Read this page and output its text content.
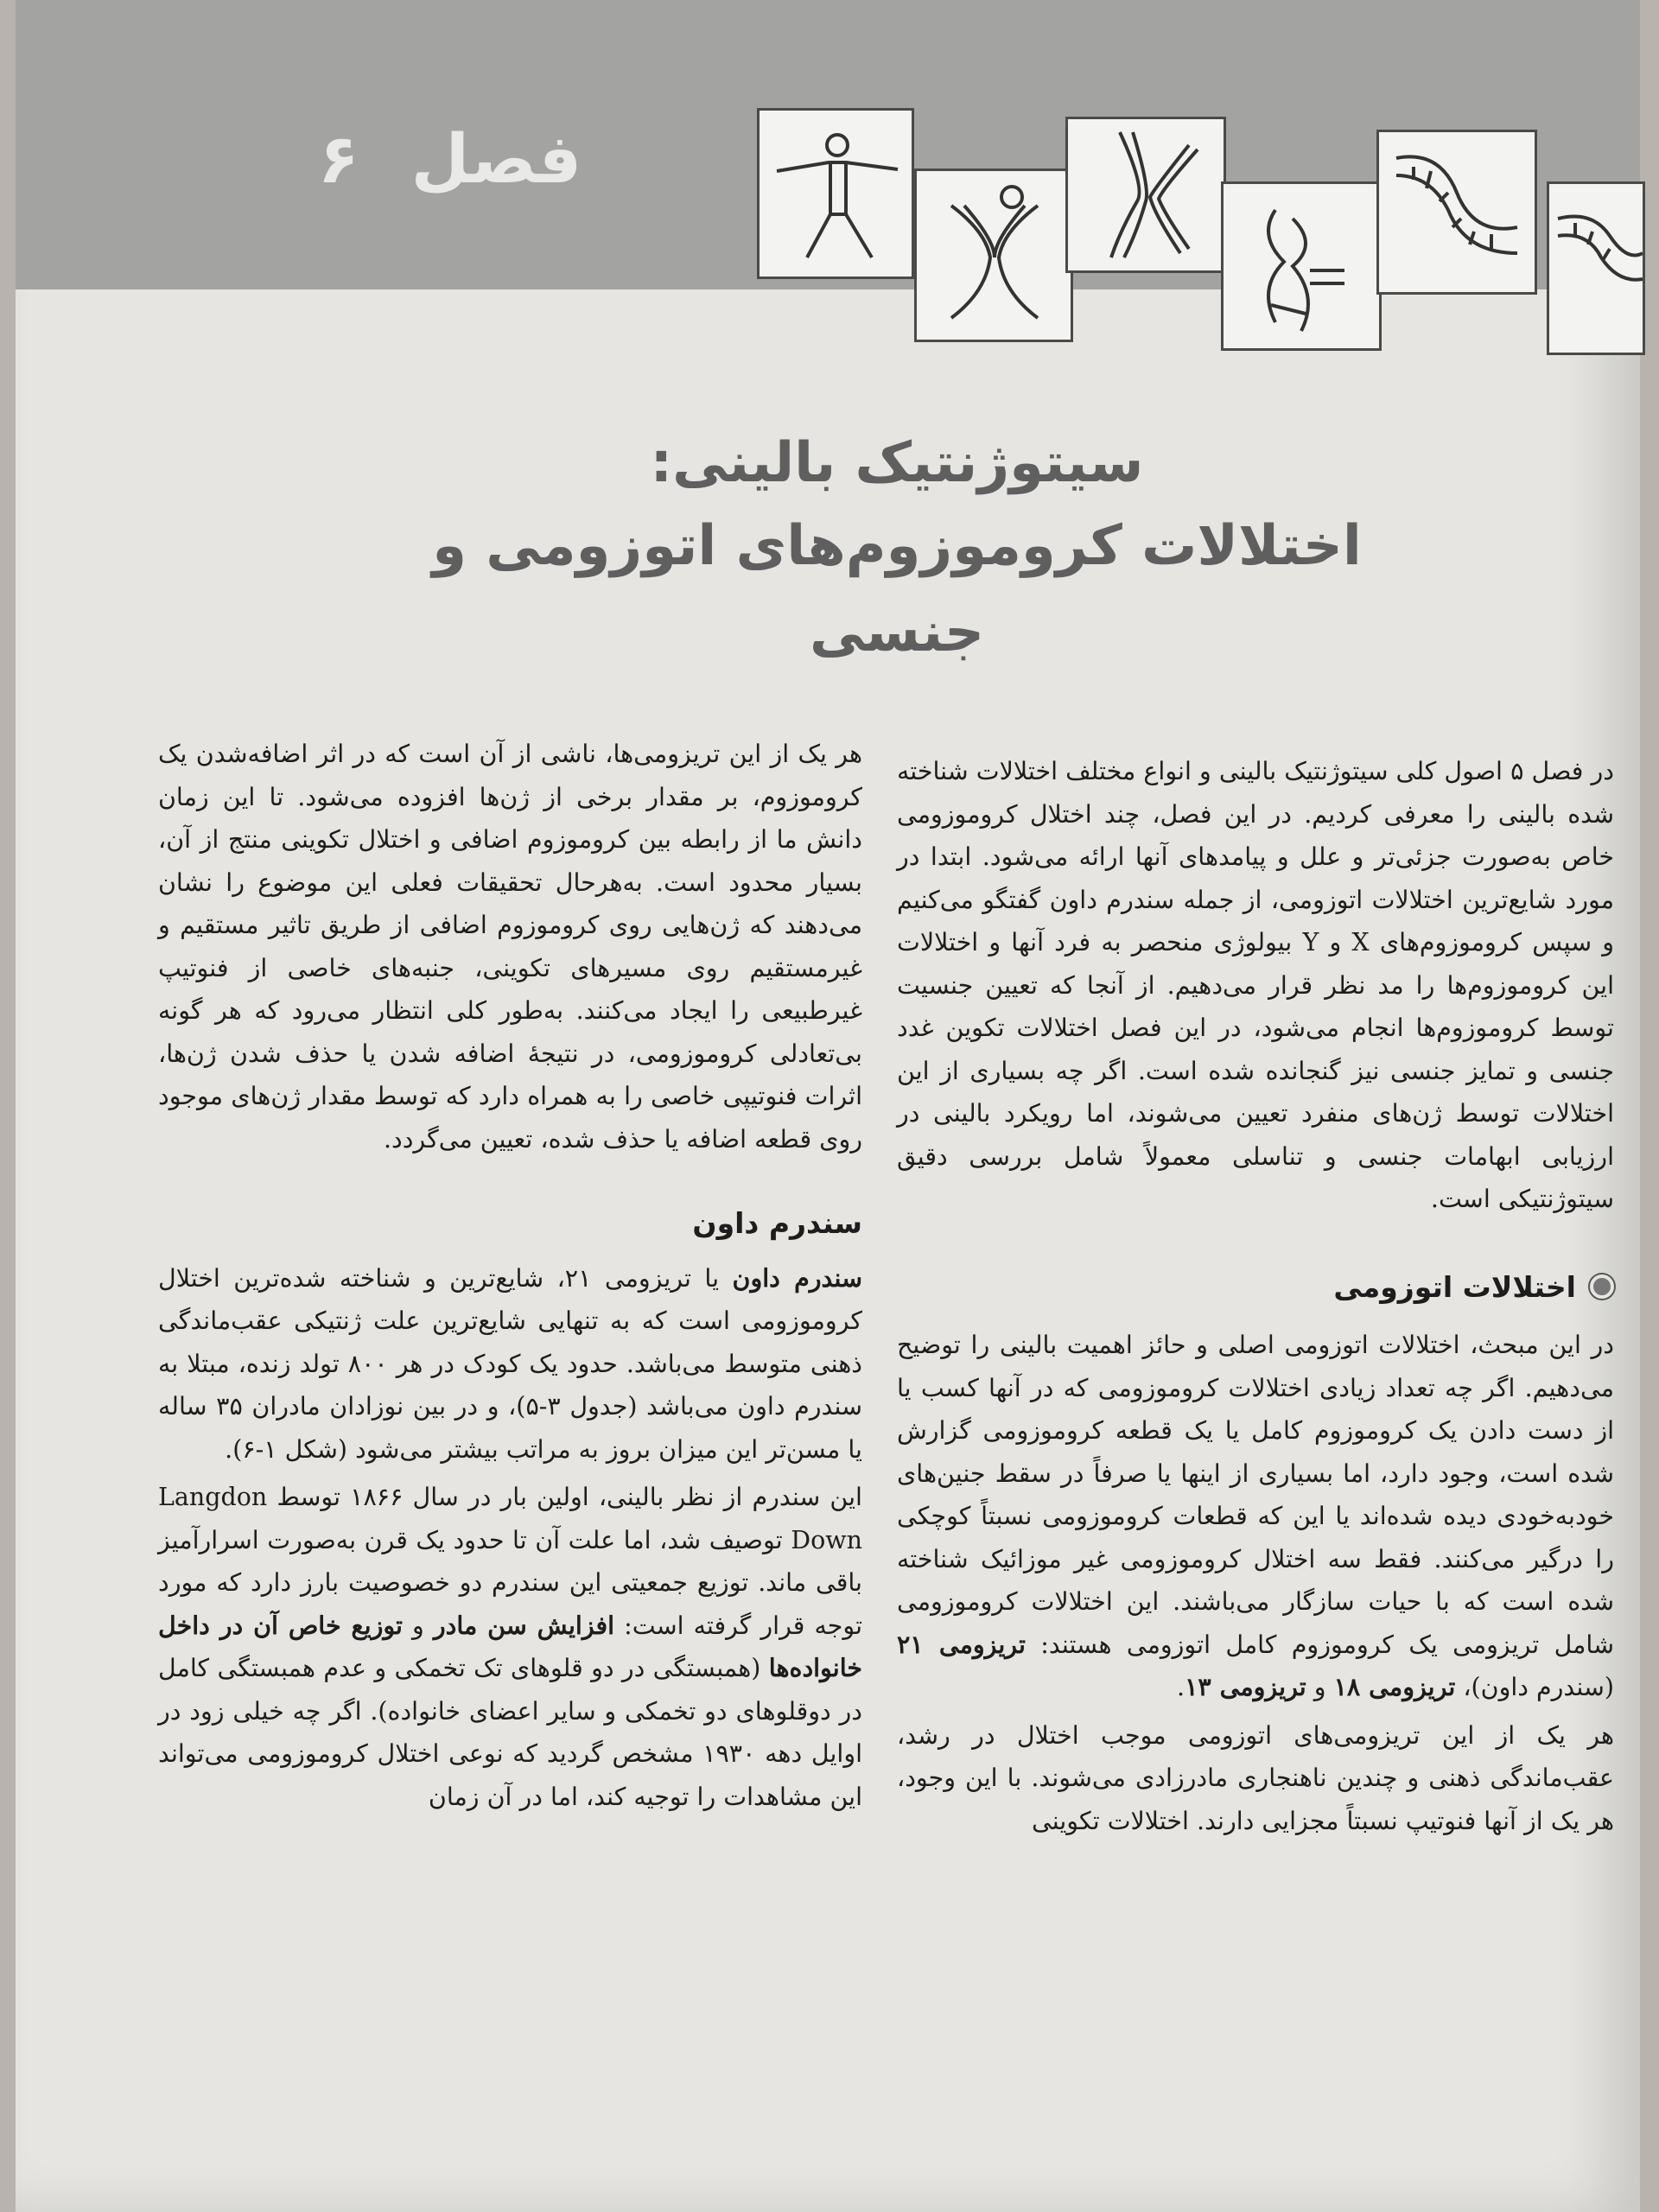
فصل
۶
سیتوژنتیک بالینی:
اختلالات کروموزوم‌های اتوزومی و جنسی

در فصل ۵ اصول کلی سیتوژنتیک بالینی و انواع مختلف اختلالات شناخته شده بالینی را معرفی کردیم. در این فصل، چند اختلال کروموزومی خاص به‌صورت جزئی‌تر و علل و پیامدهای آنها ارائه می‌شود. ابتدا در مورد شایع‌ترین اختلالات اتوزومی، از جمله سندرم داون گفتگو می‌کنیم و سپس کروموزوم‌های X و Y بیولوژی منحصر به فرد آنها و اختلالات این کروموزوم‌ها را مد نظر قرار می‌دهیم. از آنجا که تعیین جنسیت توسط کروموزوم‌ها انجام می‌شود، در این فصل اختلالات تکوین غدد جنسی و تمایز جنسی نیز گنجانده شده است. اگر چه بسیاری از این اختلالات توسط ژن‌های منفرد تعیین می‌شوند، اما رویکرد بالینی در ارزیابی ابهامات جنسی و تناسلی معمولاً شامل بررسی دقیق سیتوژنتیکی است.

اختلالات اتوزومی

در این مبحث، اختلالات اتوزومی اصلی و حائز اهمیت بالینی را توضیح می‌دهیم. اگر چه تعداد زیادی اختلالات کروموزومی که در آنها کسب یا از دست دادن یک کروموزوم کامل یا یک قطعه کروموزومی گزارش شده است، وجود دارد، اما بسیاری از اینها یا صرفاً در سقط جنین‌های خودبه‌خودی دیده شده‌اند یا این که قطعات کروموزومی نسبتاً کوچکی را درگیر می‌کنند. فقط سه اختلال کروموزومی غیر موزائیک شناخته شده است که با حیات سازگار می‌باشند. این اختلالات کروموزومی شامل تریزومی یک کروموزوم کامل اتوزومی هستند: تریزومی ۲۱ (سندرم داون)، تریزومی ۱۸ و تریزومی ۱۳.

هر یک از این تریزومی‌های اتوزومی موجب اختلال در رشد، عقب‌ماندگی ذهنی و چندین ناهنجاری مادرزادی می‌شوند. با این وجود، هر یک از آنها فنوتیپ نسبتاً مجزایی دارند. اختلالات تکوینی

هر یک از این تریزومی‌ها، ناشی از آن است که در اثر اضافه‌شدن یک کروموزوم، بر مقدار برخی از ژن‌ها افزوده می‌شود. تا این زمان دانش ما از رابطه بین کروموزوم اضافی و اختلال تکوینی منتج از آن، بسیار محدود است. به‌هرحال تحقیقات فعلی این موضوع را نشان می‌دهند که ژن‌هایی روی کروموزوم اضافی از طریق تاثیر مستقیم و غیرمستقیم روی مسیرهای تکوینی، جنبه‌های خاصی از فنوتیپ غیرطبیعی را ایجاد می‌کنند. به‌طور کلی انتظار می‌رود که هر گونه بی‌تعادلی کروموزومی، در نتیجهٔ اضافه شدن یا حذف شدن ژن‌ها، اثرات فنوتیپی خاصی را به همراه دارد که توسط مقدار ژن‌های موجود روی قطعه اضافه یا حذف شده، تعیین می‌گردد.

سندرم داون

سندرم داون یا تریزومی ۲۱، شایع‌ترین و شناخته شده‌ترین اختلال کروموزومی است که به تنهایی شایع‌ترین علت ژنتیکی عقب‌ماندگی ذهنی متوسط می‌باشد. حدود یک کودک در هر ۸۰۰ تولد زنده، مبتلا به سندرم داون می‌باشد (جدول ۳-۵)، و در بین نوزادان مادران ۳۵ ساله یا مسن‌تر این میزان بروز به مراتب بیشتر می‌شود (شکل ۱-۶).

این سندرم از نظر بالینی، اولین بار در سال ۱۸۶۶ توسط Langdon Down توصیف شد، اما علت آن تا حدود یک قرن به‌صورت اسرارآمیز باقی ماند. توزیع جمعیتی این سندرم دو خصوصیت بارز دارد که مورد توجه قرار گرفته است: افزایش سن مادر و توزیع خاص آن در داخل خانواده‌ها (همبستگی در دو قلوهای تک تخمکی و عدم همبستگی کامل در دوقلوهای دو تخمکی و سایر اعضای خانواده). اگر چه خیلی زود در اوایل دهه ۱۹۳۰ مشخص گردید که نوعی اختلال کروموزومی می‌تواند این مشاهدات را توجیه کند، اما در آن زمان
